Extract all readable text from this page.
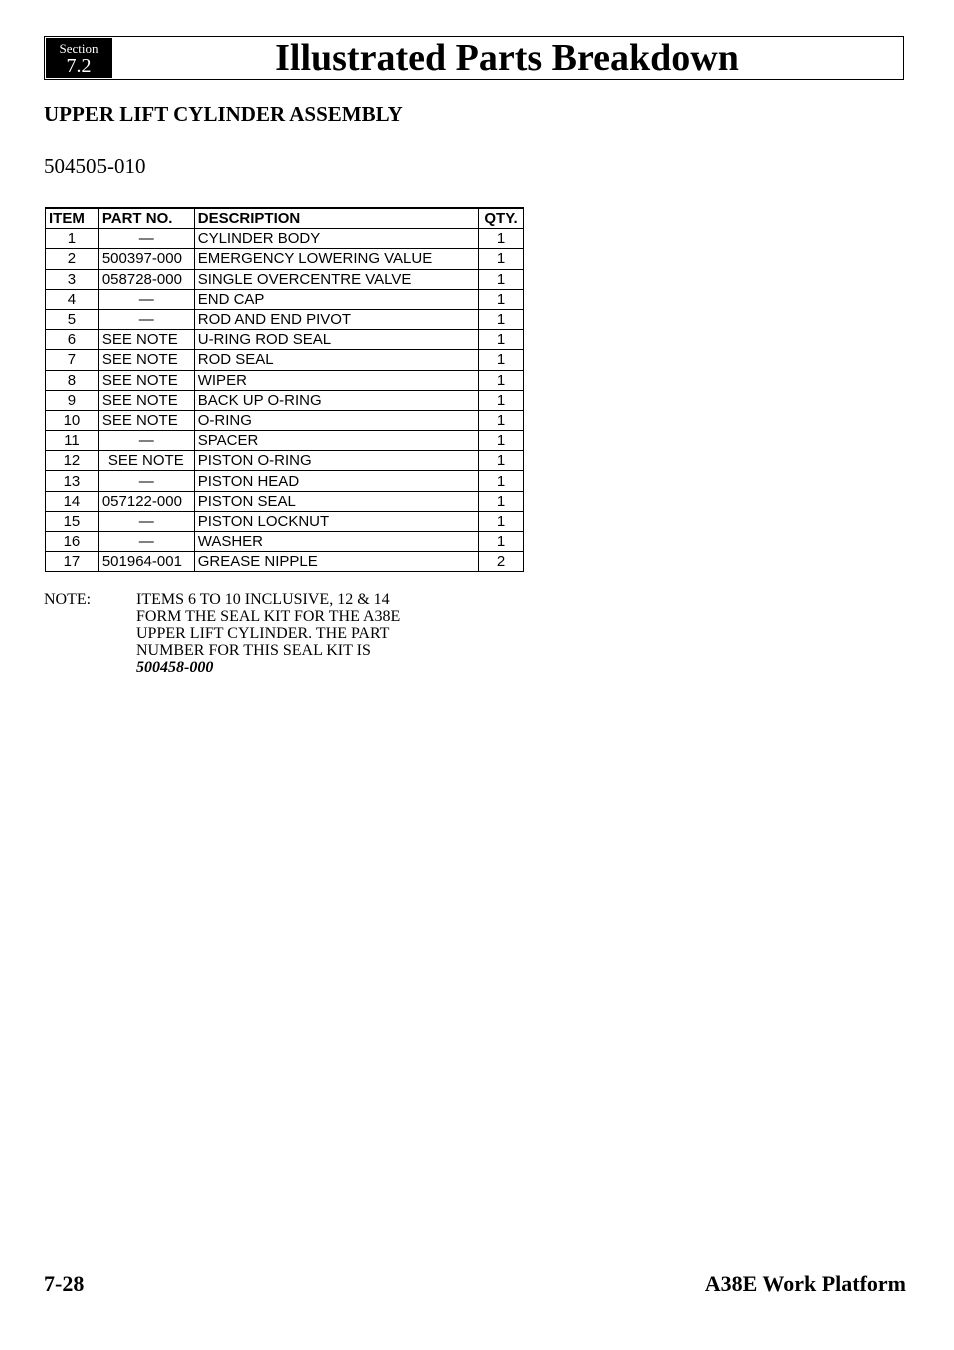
Section
7.2	Illustrated Parts Breakdown
UPPER LIFT CYLINDER ASSEMBLY
504505-010
ITEM	PART NO.	DESCRIPTION	QTY.
1	—	CYLINDER BODY	1
2	500397-000	EMERGENCY LOWERING VALUE	1
3	058728-000	SINGLE OVERCENTRE VALVE	1
4	—	END CAP	1
5	—	ROD AND END PIVOT	1
6	SEE NOTE	U-RING ROD SEAL	1
7	SEE NOTE	ROD SEAL	1
8	SEE NOTE	WIPER	1
9	SEE NOTE	BACK UP O-RING	1
10	SEE NOTE	O-RING	1
11	—	SPACER	1
12	SEE NOTE	PISTON O-RING	1
13	—	PISTON HEAD	1
14	057122-000	PISTON SEAL	1
15	—	PISTON LOCKNUT	1
16	—	WASHER	1
17	501964-001	GREASE NIPPLE	2
NOTE:	ITEMS 6 TO 10 INCLUSIVE, 12 & 14
FORM THE SEAL KIT FOR THE A38E
UPPER LIFT CYLINDER. THE PART
NUMBER FOR THIS SEAL KIT IS
500458-000
7-28	A38E Work Platform
